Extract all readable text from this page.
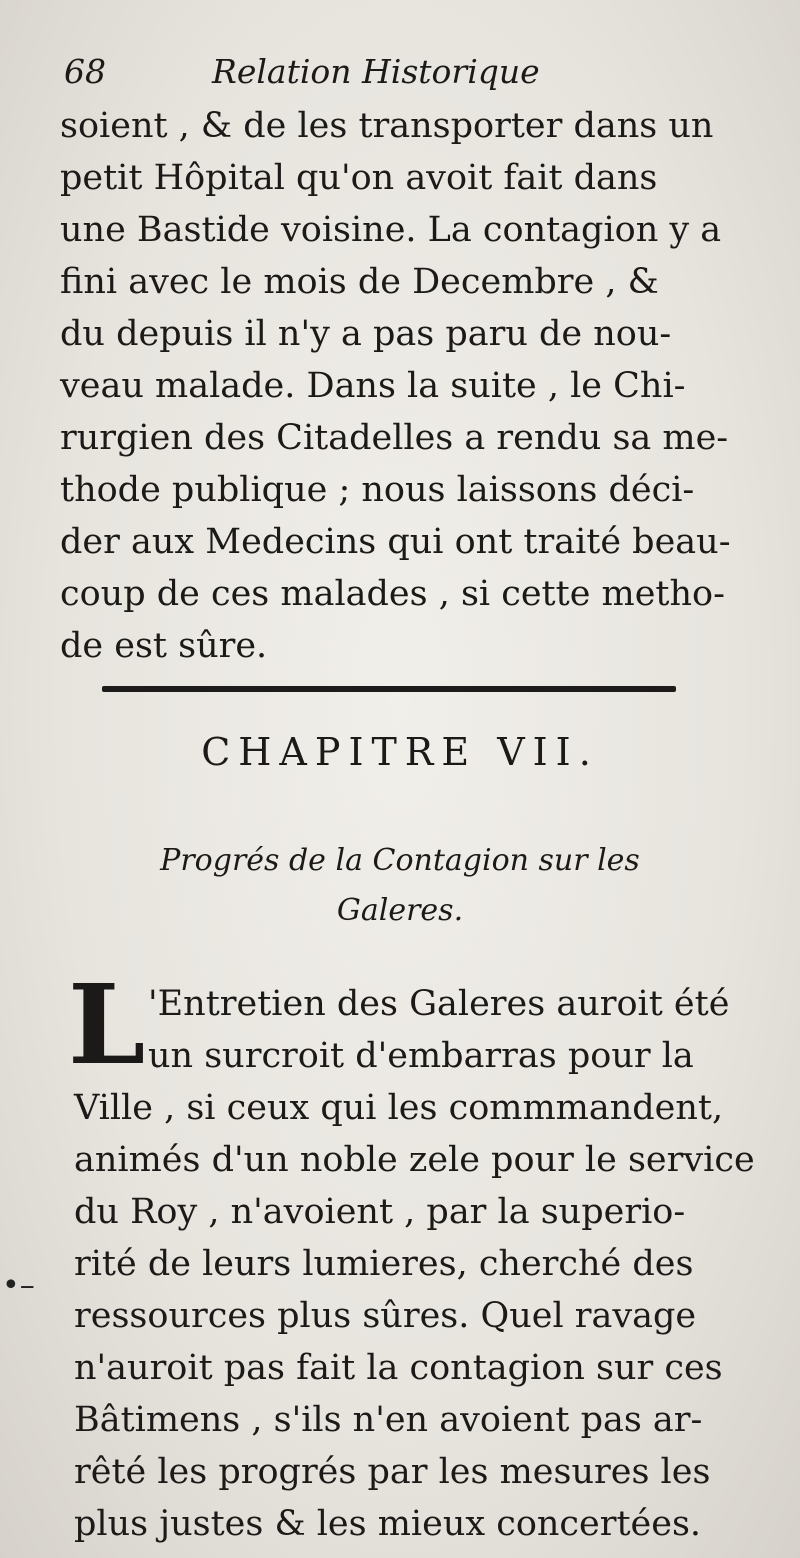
68	Relation Historique
soient , & de les transporter dans un
petit Hôpital qu'on avoit fait dans
une Bastide voisine. La contagion y a
fini avec le mois de Decembre , &
du depuis il n'y a pas paru de nou-
veau malade. Dans la suite , le Chi-
rurgien des Citadelles a rendu sa me-
thode publique ; nous laissons déci-
der aux Medecins qui ont traité beau-
coup de ces malades , si cette metho-
de est sûre.
CHAPITRE VII.
Progrés de la Contagion sur les
Galeres.
L 'Entretien des Galeres auroit été
un surcroit d'embarras pour la
Ville , si ceux qui les commmandent,
animés d'un noble zele pour le service
du Roy , n'avoient , par la superio-
rité de leurs lumieres, cherché des
ressources plus sûres. Quel ravage
n'auroit pas fait la contagion sur ces
Bâtimens , s'ils n'en avoient pas ar-
rêté les progrés par les mesures les
plus justes & les mieux concertées.
•–
